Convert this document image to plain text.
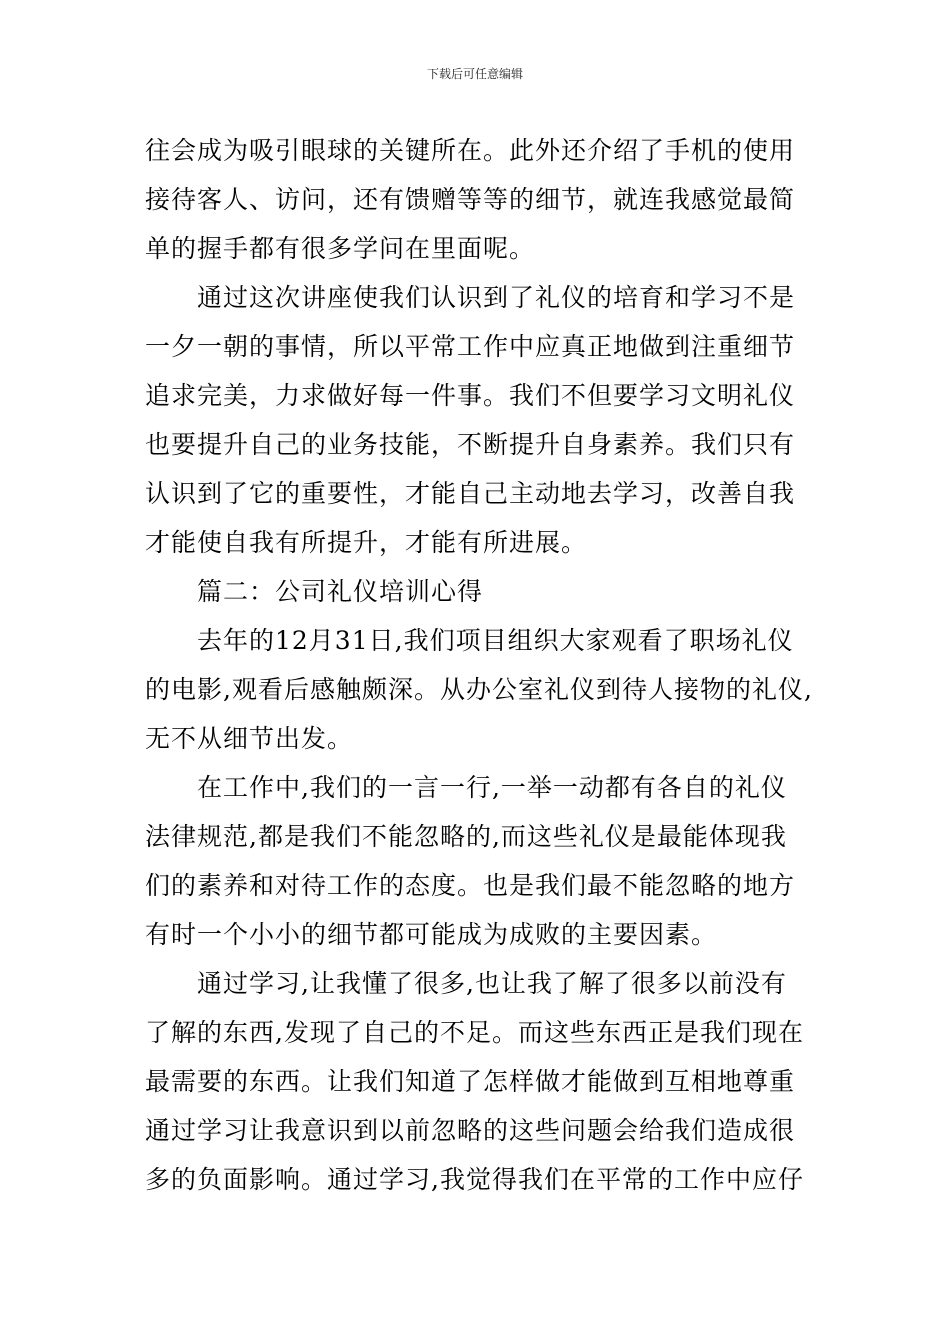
下载后可任意编辑
往会成为吸引眼球的关键所在。此外还介绍了手机的使用
接待客人、访问，还有馈赠等等的细节，就连我感觉最简
单的握手都有很多学问在里面呢。
通过这次讲座使我们认识到了礼仪的培育和学习不是
一夕一朝的事情，所以平常工作中应真正地做到注重细节
追求完美，力求做好每一件事。我们不但要学习文明礼仪
也要提升自己的业务技能，不断提升自身素养。我们只有
认识到了它的重要性，才能自己主动地去学习，改善自我
才能使自我有所提升，才能有所进展。
篇二：公司礼仪培训心得
去年的12月31日,我们项目组织大家观看了职场礼仪
的电影,观看后感触颇深。从办公室礼仪到待人接物的礼仪,
无不从细节出发。
在工作中,我们的一言一行,一举一动都有各自的礼仪
法律规范,都是我们不能忽略的,而这些礼仪是最能体现我
们的素养和对待工作的态度。也是我们最不能忽略的地方
有时一个小小的细节都可能成为成败的主要因素。
通过学习,让我懂了很多,也让我了解了很多以前没有
了解的东西,发现了自己的不足。而这些东西正是我们现在
最需要的东西。让我们知道了怎样做才能做到互相地尊重
通过学习让我意识到以前忽略的这些问题会给我们造成很
多的负面影响。通过学习,我觉得我们在平常的工作中应仔
